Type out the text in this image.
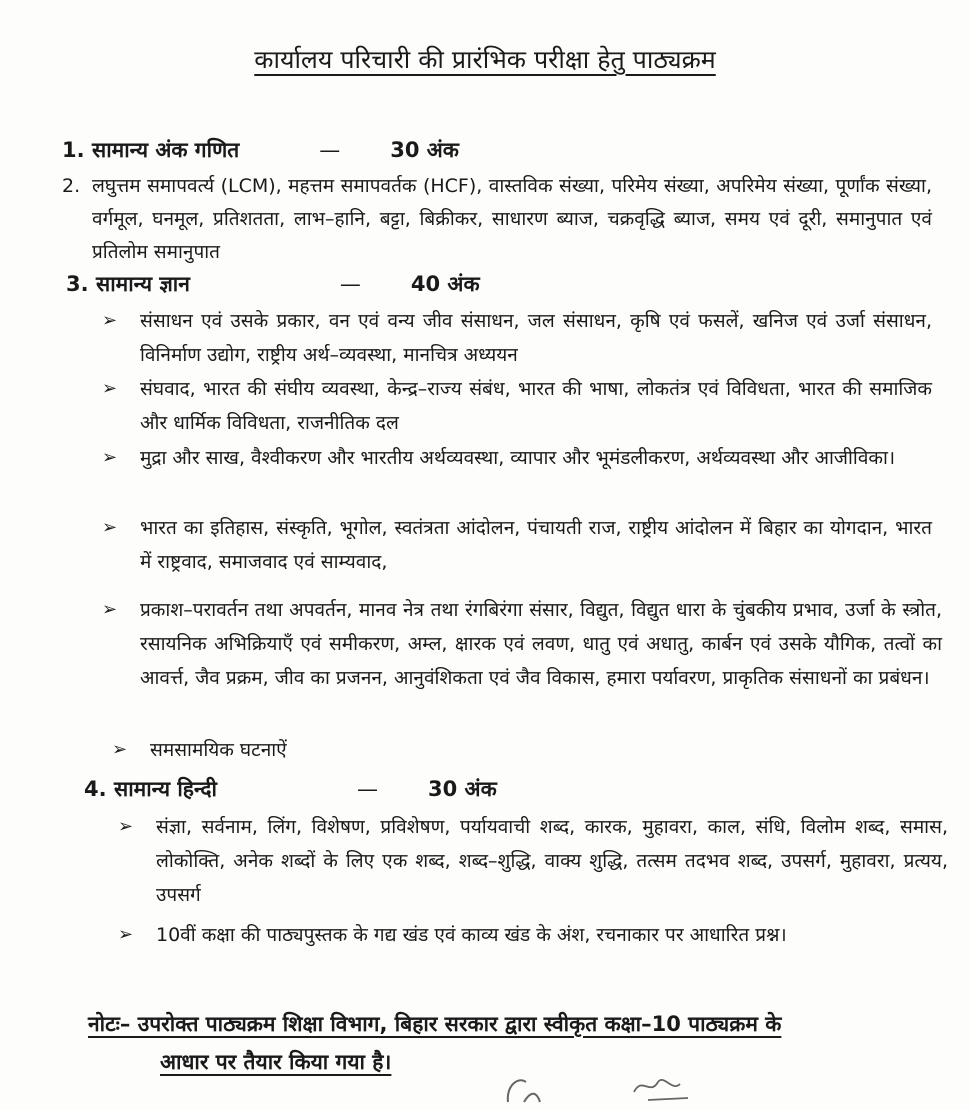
कार्यालय परिचारी की प्रारंभिक परीक्षा हेतु पाठ्यक्रम
1. सामान्य अंक गणित	— 30 अंक
2. लघुत्तम समापवर्त्य (LCM), महत्तम समापवर्तक (HCF), वास्तविक संख्या, परिमेय संख्या, अपरिमेय संख्या, पूर्णांक संख्या, वर्गमूल, घनमूल, प्रतिशतता, लाभ–हानि, बट्टा, बिक्रीकर, साधारण ब्याज, चक्रवृद्धि ब्याज, समय एवं दूरी, समानुपात एवं प्रतिलोम समानुपात
3. सामान्य ज्ञान	— 40 अंक
➢	संसाधन एवं उसके प्रकार, वन एवं वन्य जीव संसाधन, जल संसाधन, कृषि एवं फसलें, खनिज एवं उर्जा संसाधन, विनिर्माण उद्योग, राष्ट्रीय अर्थ–व्यवस्था, मानचित्र अध्ययन
➢	संघवाद, भारत की संघीय व्यवस्था, केन्द्र–राज्य संबंध, भारत की भाषा, लोकतंत्र एवं विविधता, भारत की समाजिक और धार्मिक विविधता, राजनीतिक दल
➢	मुद्रा और साख, वैश्वीकरण और भारतीय अर्थव्यवस्था, व्यापार और भूमंडलीकरण, अर्थव्यवस्था और आजीविका।
➢	भारत का इतिहास, संस्कृति, भूगोल, स्वतंत्रता आंदोलन, पंचायती राज, राष्ट्रीय आंदोलन में बिहार का योगदान, भारत में राष्ट्रवाद, समाजवाद एवं साम्यवाद,
➢	प्रकाश–परावर्तन तथा अपवर्तन, मानव नेत्र तथा रंगबिरंगा संसार, विद्युत, विद्युत धारा के चुंबकीय प्रभाव, उर्जा के स्त्रोत, रसायनिक अभिक्रियाएँ एवं समीकरण, अम्ल, क्षारक एवं लवण, धातु एवं अधातु, कार्बन एवं उसके यौगिक, तत्वों का आवर्त्त, जैव प्रक्रम, जीव का प्रजनन, आनुवंशिकता एवं जैव विकास, हमारा पर्यावरण, प्राकृतिक संसाधनों का प्रबंधन।
➢	समसामयिक घटनाऐं
4. सामान्य हिन्दी	— 30 अंक
➢	संज्ञा, सर्वनाम, लिंग, विशेषण, प्रविशेषण, पर्यायवाची शब्द, कारक, मुहावरा, काल, संधि, विलोम शब्द, समास, लोकोक्ति, अनेक शब्दों के लिए एक शब्द, शब्द–शुद्धि, वाक्य शुद्धि, तत्सम तदभव शब्द, उपसर्ग, मुहावरा, प्रत्यय, उपसर्ग
➢	10वीं कक्षा की पाठ्यपुस्तक के गद्य खंड एवं काव्य खंड के अंश, रचनाकार पर आधारित प्रश्न।
नोटः– उपरोक्त पाठ्यक्रम शिक्षा विभाग, बिहार सरकार द्वारा स्वीकृत कक्षा–10 पाठ्यक्रम के
आधार पर तैयार किया गया है।
